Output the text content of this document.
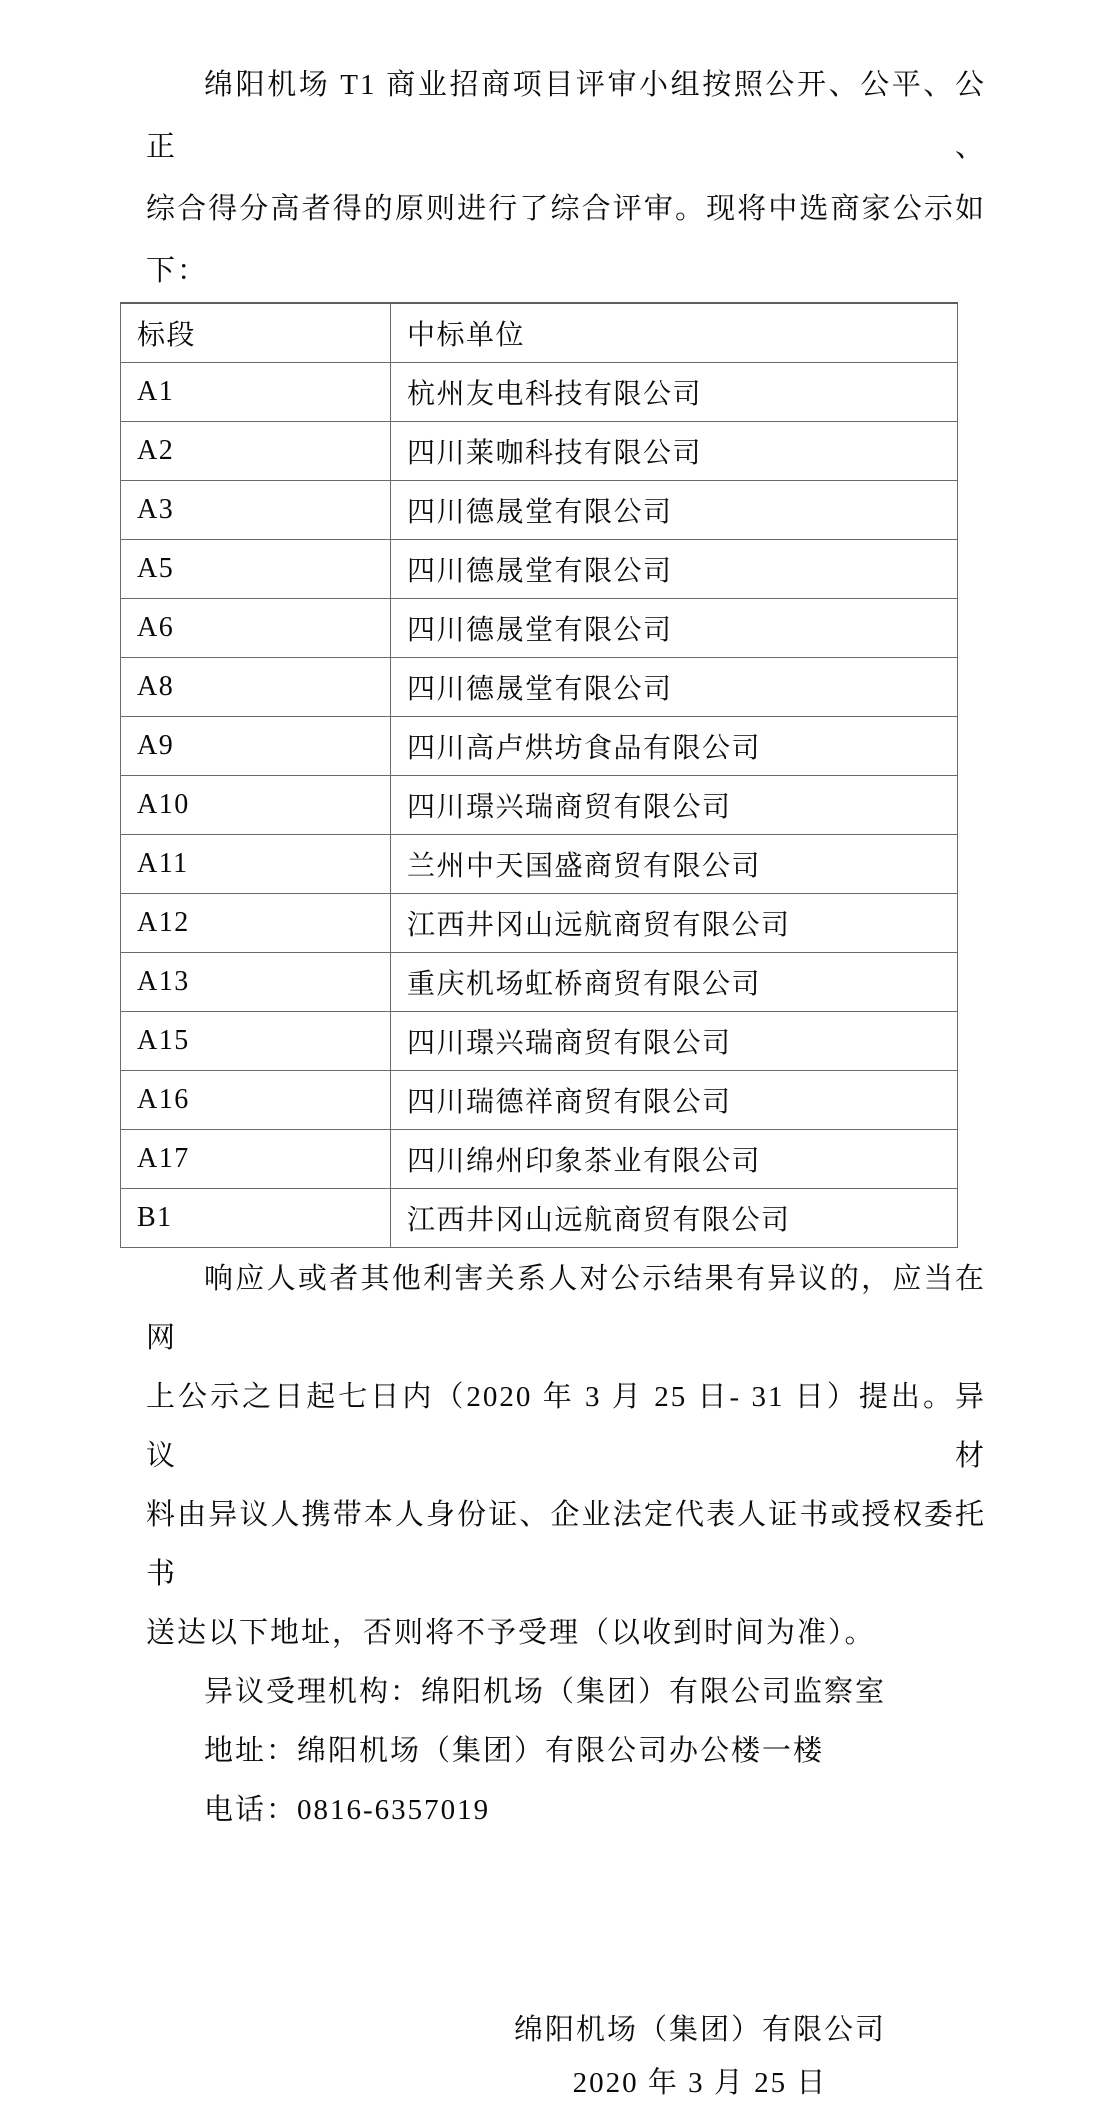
绵阳机场 T1 商业招商项目评审小组按照公开、公平、公正、
综合得分高者得的原则进行了综合评审。现将中选商家公示如
下：
标段	中标单位
A1	杭州友电科技有限公司
A2	四川莱咖科技有限公司
A3	四川德晟堂有限公司
A5	四川德晟堂有限公司
A6	四川德晟堂有限公司
A8	四川德晟堂有限公司
A9	四川高卢烘坊食品有限公司
A10	四川璟兴瑞商贸有限公司
A11	兰州中天国盛商贸有限公司
A12	江西井冈山远航商贸有限公司
A13	重庆机场虹桥商贸有限公司
A15	四川璟兴瑞商贸有限公司
A16	四川瑞德祥商贸有限公司
A17	四川绵州印象茶业有限公司
B1	江西井冈山远航商贸有限公司
响应人或者其他利害关系人对公示结果有异议的，应当在网
上公示之日起七日内（2020 年 3 月 25 日- 31 日）提出。异议材
料由异议人携带本人身份证、企业法定代表人证书或授权委托书
送达以下地址，否则将不予受理（以收到时间为准）。
异议受理机构：绵阳机场（集团）有限公司监察室
地址：绵阳机场（集团）有限公司办公楼一楼
电话：0816-6357019
绵阳机场（集团）有限公司
2020 年 3 月 25 日
